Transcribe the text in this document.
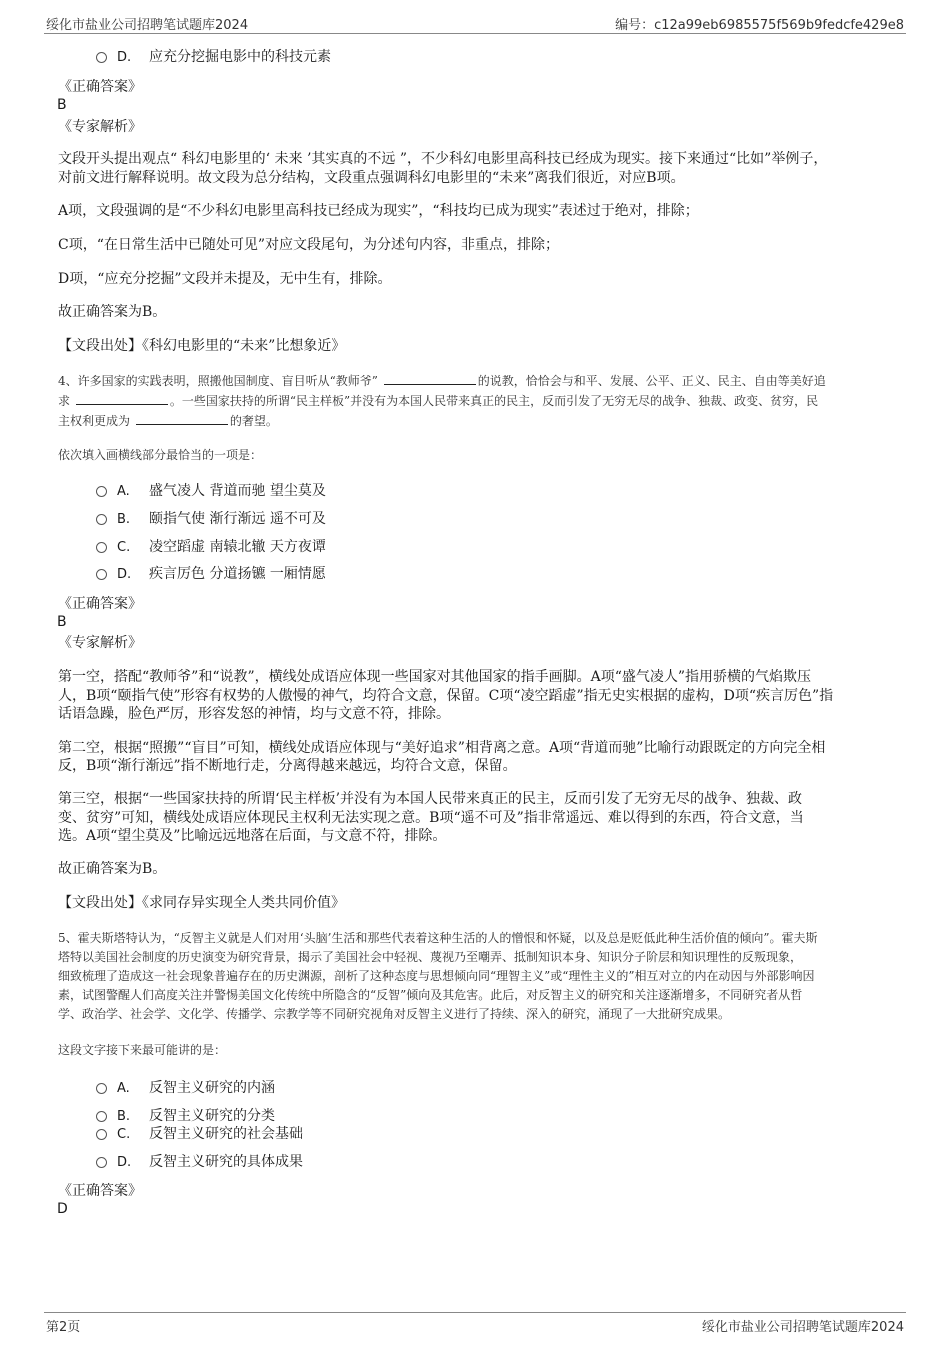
绥化市盐业公司招聘笔试题库2024	编号：c12a99eb6985575f569b9fedcfe429e8
D. 应充分挖掘电影中的科技元素
《正确答案》
B
《专家解析》
文段开头提出观点“ 科幻电影里的‘ 未来 ’其实真的不远 ”，不少科幻电影里高科技已经成为现实。接下来通过“比如”举例子，
对前文进行解释说明。故文段为总分结构，文段重点强调科幻电影里的“未来”离我们很近，对应B项。
A项，文段强调的是“不少科幻电影里高科技已经成为现实”，“科技均已成为现实”表述过于绝对，排除；
C项，“在日常生活中已随处可见”对应文段尾句，为分述句内容，非重点，排除；
D项，“应充分挖掘”文段并未提及，无中生有，排除。
故正确答案为B。
【文段出处】《科幻电影里的“未来”比想象近》
4、许多国家的实践表明，照搬他国制度、盲目听从“教师爷”	的说教，恰恰会与和平、发展、公平、正义、民主、自由等美好追
求	。一些国家扶持的所谓“民主样板”并没有为本国人民带来真正的民主，反而引发了无穷无尽的战争、独裁、政变、贫穷，民
主权利更成为	的奢望。
依次填入画横线部分最恰当的一项是：
A. 盛气凌人 背道而驰 望尘莫及
B. 颐指气使 渐行渐远 遥不可及
C. 凌空蹈虚 南辕北辙 天方夜谭
D. 疾言厉色 分道扬镳 一厢情愿
《正确答案》
B
《专家解析》
第一空，搭配“教师爷”和“说教”，横线处成语应体现一些国家对其他国家的指手画脚。A项“盛气凌人”指用骄横的气焰欺压
人，B项“颐指气使”形容有权势的人傲慢的神气，均符合文意，保留。C项“凌空蹈虚”指无史实根据的虚构，D项“疾言厉色”指
话语急躁，脸色严厉，形容发怒的神情，均与文意不符，排除。
第二空，根据“照搬”“盲目”可知，横线处成语应体现与“美好追求”相背离之意。A项“背道而驰”比喻行动跟既定的方向完全相
反，B项“渐行渐远”指不断地行走，分离得越来越远，均符合文意，保留。
第三空，根据“一些国家扶持的所谓‘民主样板’并没有为本国人民带来真正的民主，反而引发了无穷无尽的战争、独裁、政
变、贫穷”可知，横线处成语应体现民主权利无法实现之意。B项“遥不可及”指非常遥远、难以得到的东西，符合文意，当
选。A项“望尘莫及”比喻远远地落在后面，与文意不符，排除。
故正确答案为B。
【文段出处】《求同存异实现全人类共同价值》
5、霍夫斯塔特认为，“反智主义就是人们对用‘头脑’生活和那些代表着这种生活的人的憎恨和怀疑，以及总是贬低此种生活价值的倾向”。霍夫斯
塔特以美国社会制度的历史演变为研究背景，揭示了美国社会中轻视、蔑视乃至嘲弄、抵制知识本身、知识分子阶层和知识理性的反叛现象，
细致梳理了造成这一社会现象普遍存在的历史渊源，剖析了这种态度与思想倾向同“理智主义”或“理性主义的”相互对立的内在动因与外部影响因
素，试图警醒人们高度关注并警惕美国文化传统中所隐含的“反智”倾向及其危害。此后，对反智主义的研究和关注逐渐增多，不同研究者从哲
学、政治学、社会学、文化学、传播学、宗教学等不同研究视角对反智主义进行了持续、深入的研究，涌现了一大批研究成果。
这段文字接下来最可能讲的是：
A. 反智主义研究的内涵
B. 反智主义研究的分类
C. 反智主义研究的社会基础
D. 反智主义研究的具体成果
《正确答案》
D
第2页	绥化市盐业公司招聘笔试题库2024
